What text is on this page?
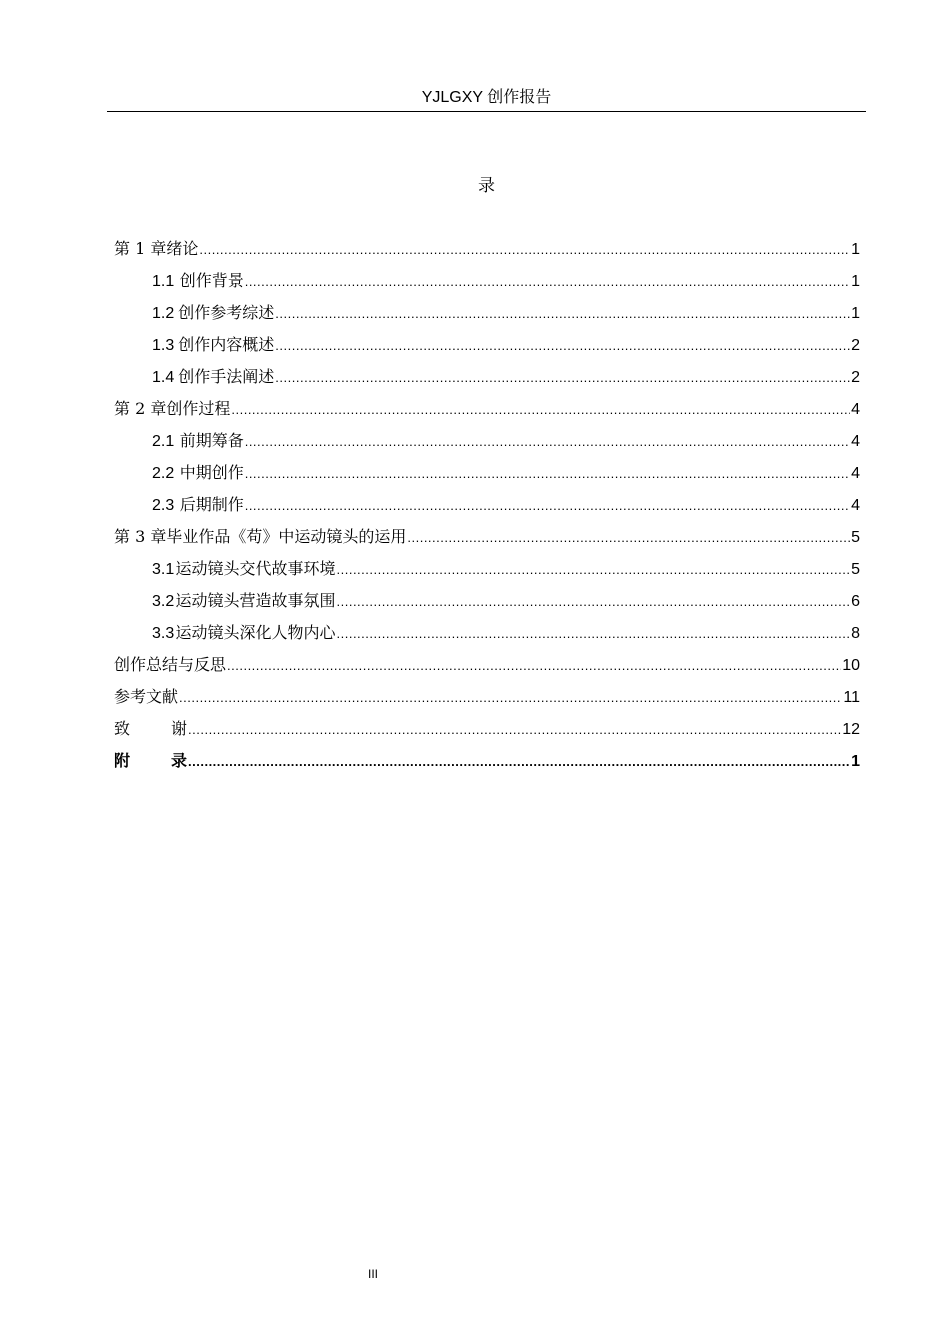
YJLGXY 创作报告
录
第 1 章 绪论 .....	1
1.1 创作背景 .....	1
1.2 创作参考综述 .....	1
1.3 创作内容概述 .....	2
1.4 创作手法阐述 .....	2
第 2 章 创作过程 .....	4
2.1 前期筹备 .....	4
2.2 中期创作 .....	4
2.3 后期制作 .....	4
第 3 章 毕业作品《苟》中运动镜头的运用 .....	5
3.1 运动镜头交代故事环境 .....	5
3.2 运动镜头营造故事氛围 .....	6
3.3 运动镜头深化人物内心 .....	8
创作总结与反思 .....	10
参考文献 .....	11
致	谢 .....	12
附	录 .....	1
III
